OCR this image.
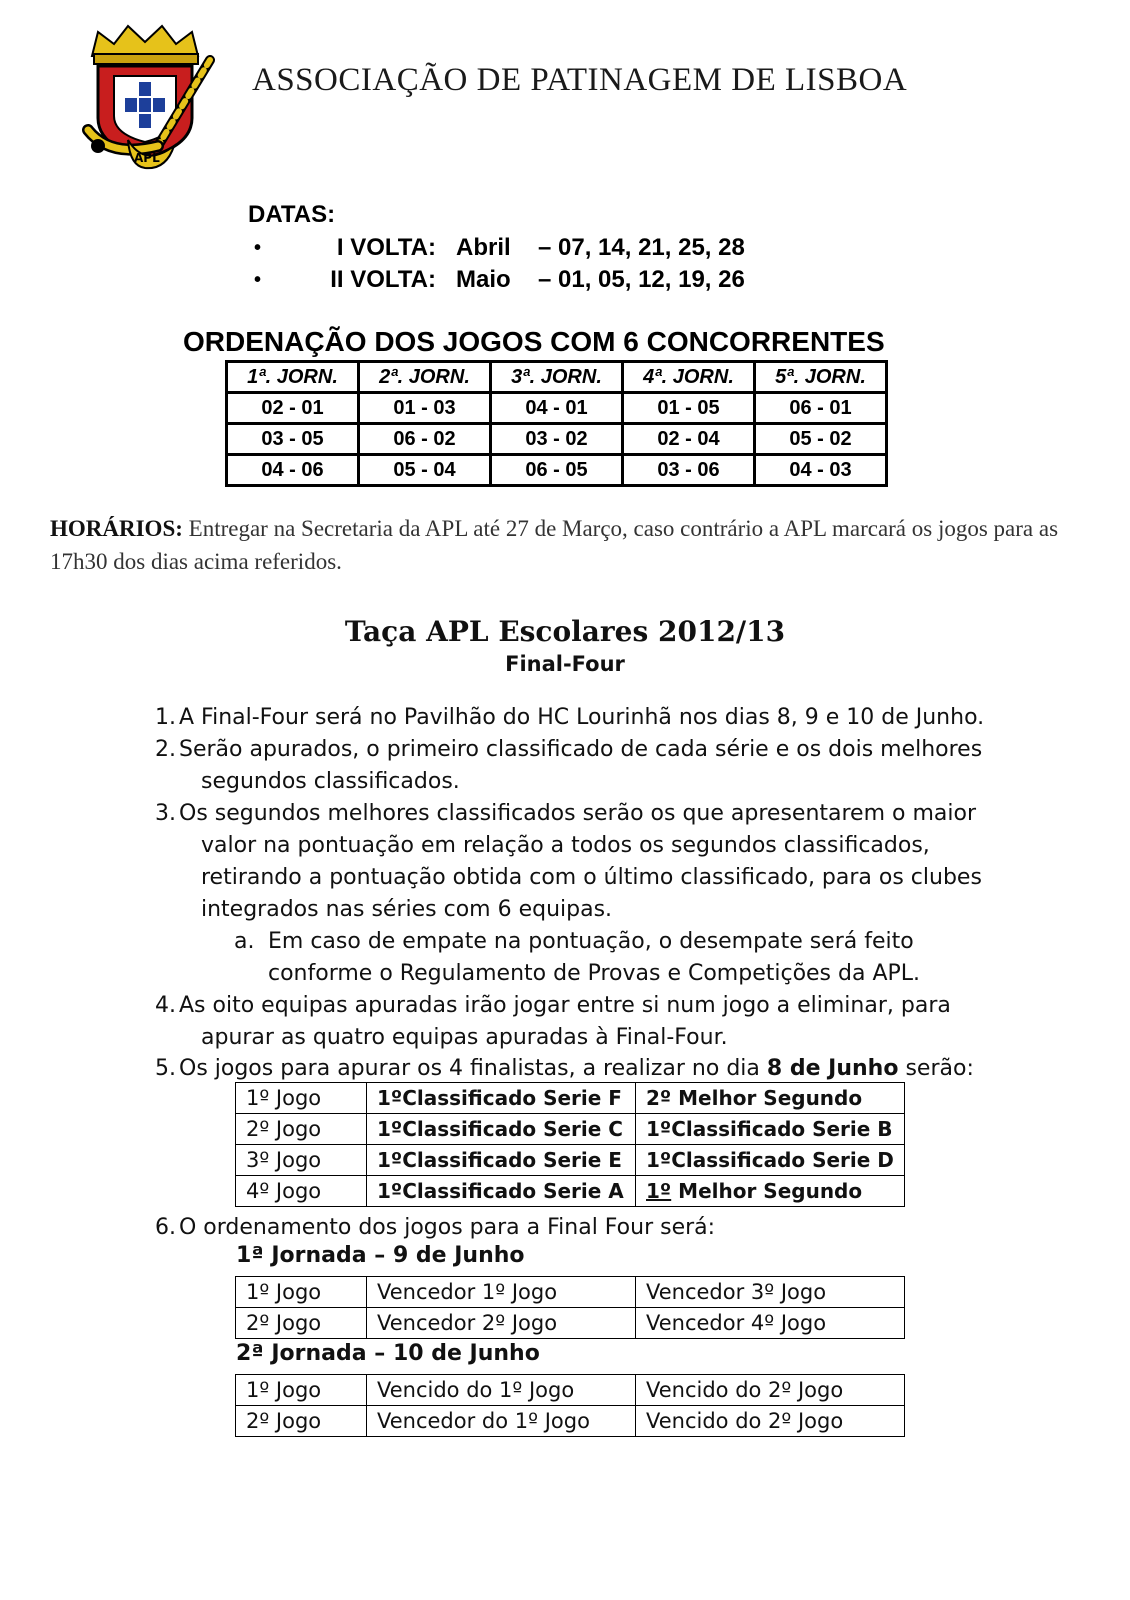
APL
ASSOCIAÇÃO DE PATINAGEM DE LISBOA
DATAS:
•	I VOLTA: Abril – 07, 14, 21, 25, 28
•	II VOLTA: Maio – 01, 05, 12, 19, 26
ORDENAÇÃO DOS JOGOS COM 6 CONCORRENTES
1ª. JORN.	2ª. JORN.	3ª. JORN.	4ª. JORN.	5ª. JORN.
02 - 01	01 - 03	04 - 01	01 - 05	06 - 01
03 - 05	06 - 02	03 - 02	02 - 04	05 - 02
04 - 06	05 - 04	06 - 05	03 - 06	04 - 03
HORÁRIOS: Entregar na Secretaria da APL até 27 de Março, caso contrário a APL marcará os jogos para as 17h30 dos dias acima referidos.
Taça APL Escolares 2012/13
Final-Four
1. A Final-Four será no Pavilhão do HC Lourinhã nos dias 8, 9 e 10 de Junho.
2. Serão apurados, o primeiro classificado de cada série e os dois melhores
segundos classificados.
3. Os segundos melhores classificados serão os que apresentarem o maior
valor na pontuação em relação a todos os segundos classificados,
retirando a pontuação obtida com o último classificado, para os clubes
integrados nas séries com 6 equipas.
a. Em caso de empate na pontuação, o desempate será feito
conforme o Regulamento de Provas e Competições da APL.
4. As oito equipas apuradas irão jogar entre si num jogo a eliminar, para
apurar as quatro equipas apuradas à Final-Four.
5. Os jogos para apurar os 4 finalistas, a realizar no dia 8 de Junho serão:
1º Jogo	1ºClassificado Serie F	2º Melhor Segundo
2º Jogo	1ºClassificado Serie C	1ºClassificado Serie B
3º Jogo	1ºClassificado Serie E	1ºClassificado Serie D
4º Jogo	1ºClassificado Serie A	1º Melhor Segundo
6. O ordenamento dos jogos para a Final Four será:
1ª Jornada – 9 de Junho
1º Jogo	Vencedor 1º Jogo	Vencedor 3º Jogo
2º Jogo	Vencedor 2º Jogo	Vencedor 4º Jogo
2ª Jornada – 10 de Junho
1º Jogo	Vencido do 1º Jogo	Vencido do 2º Jogo
2º Jogo	Vencedor do 1º Jogo	Vencido do 2º Jogo
